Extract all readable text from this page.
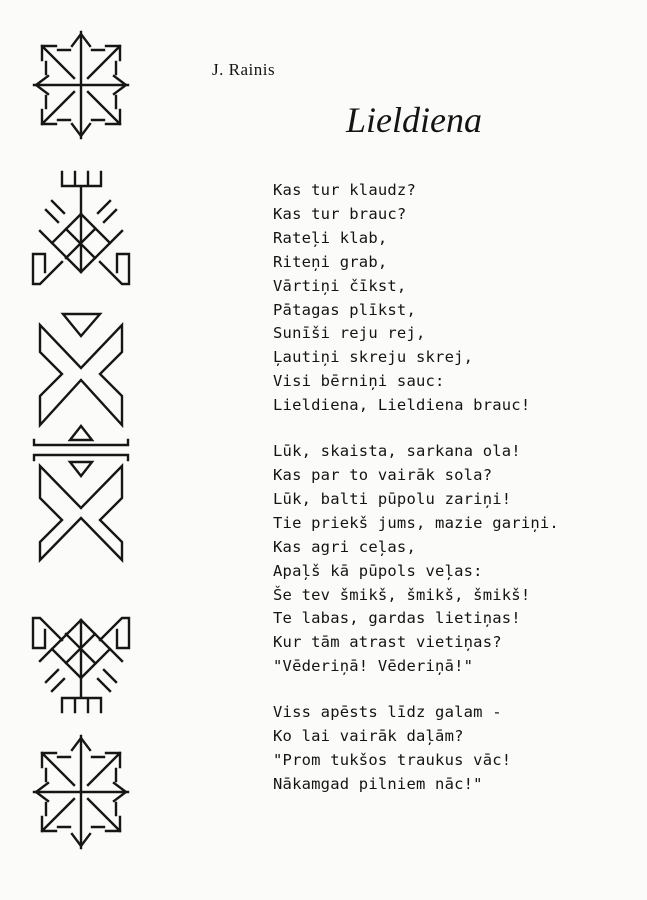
J. Rainis
Lieldiena
Kas tur klaudz?
Kas tur brauc?
Rateļi klab,
Riteņi grab,
Vārtiņi čīkst,
Pātagas plīkst,
Sunīši reju rej,
Ļautiņi skreju skrej,
Visi bērniņi sauc:
Lieldiena, Lieldiena brauc!
Lūk, skaista, sarkana ola!
Kas par to vairāk sola?
Lūk, balti pūpolu zariņi!
Tie priekš jums, mazie gariņi.
Kas agri ceļas,
Apaļš kā pūpols veļas:
Še tev šmikš, šmikš, šmikš!
Te labas, gardas lietiņas!
Kur tām atrast vietiņas?
"Vēderiņā! Vēderiņā!"
Viss apēsts līdz galam -
Ko lai vairāk daļām?
"Prom tukšos traukus vāc!
Nākamgad pilniem nāc!"
